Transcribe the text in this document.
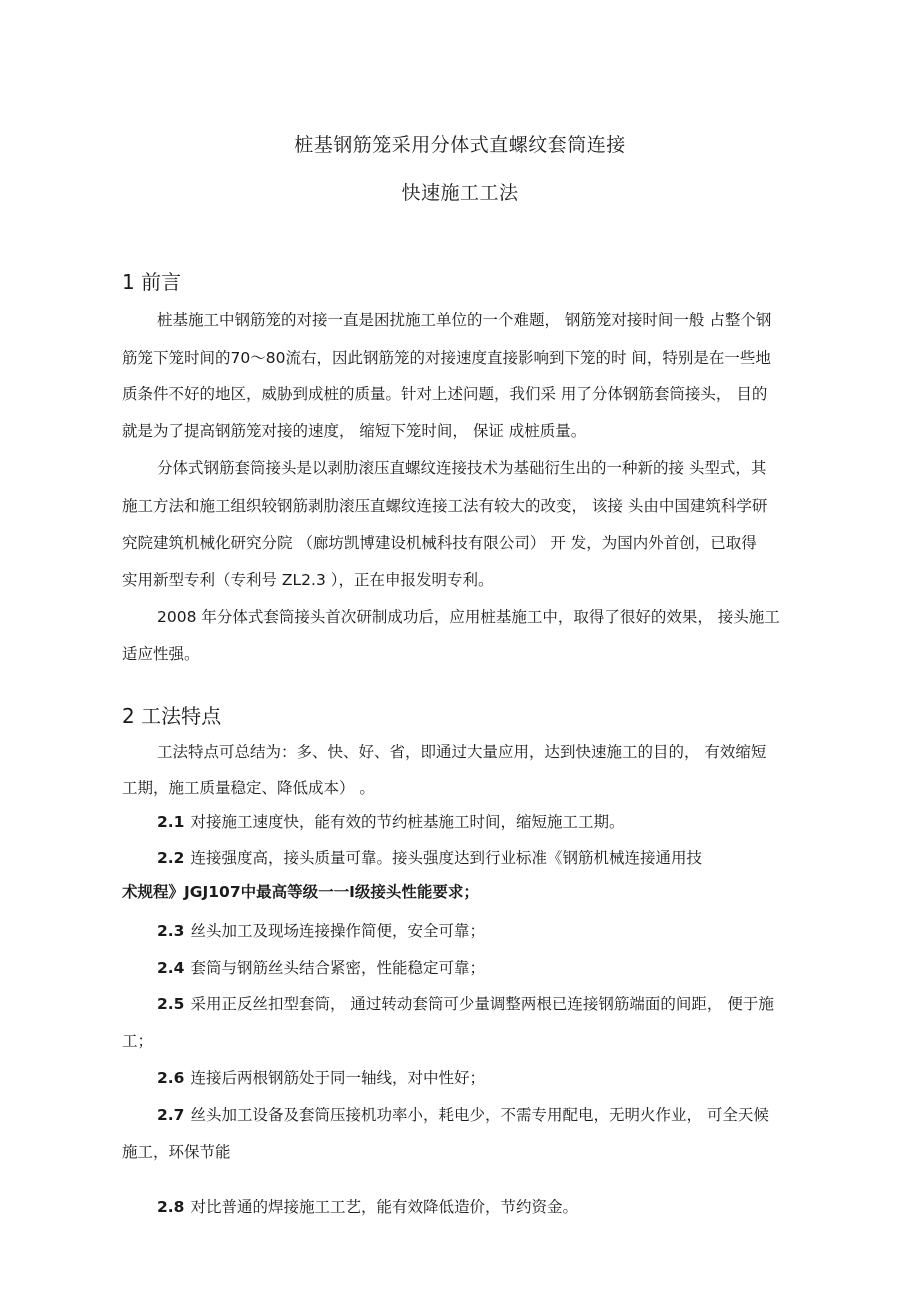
桩基钢筋笼采用分体式直螺纹套筒连接
快速施工工法
1 前言
桩基施工中钢筋笼的对接一直是困扰施工单位的一个难题， 钢筋笼对接时间一般 占整个钢
筋笼下笼时间的70～80流右，因此钢筋笼的对接速度直接影响到下笼的时 间，特别是在一些地
质条件不好的地区，威胁到成桩的质量。针对上述问题，我们采 用了分体钢筋套筒接头， 目的
就是为了提高钢筋笼对接的速度， 缩短下笼时间， 保证 成桩质量。
分体式钢筋套筒接头是以剥肋滚压直螺纹连接技术为基础衍生出的一种新的接 头型式，其
施工方法和施工组织较钢筋剥肋滚压直螺纹连接工法有较大的改变， 该接 头由中国建筑科学研
究院建筑机械化研究分院 （廊坊凯博建设机械科技有限公司） 开 发，为国内外首创，已取得
实用新型专利（专利号 ZL2.3 ），正在申报发明专利。
2008 年分体式套筒接头首次研制成功后，应用桩基施工中，取得了很好的效果， 接头施工
适应性强。
2 工法特点
工法特点可总结为：多、快、好、省，即通过大量应用，达到快速施工的目的， 有效缩短
工期，施工质量稳定、降低成本） 。
2.1 对接施工速度快，能有效的节约桩基施工时间，缩短施工工期。
2.2 连接强度高，接头质量可靠。接头强度达到行业标准《钢筋机械连接通用技
术规程》JGJ107中最高等级一一Ⅰ级接头性能要求；
2.3 丝头加工及现场连接操作简便，安全可靠；
2.4 套筒与钢筋丝头结合紧密，性能稳定可靠；
2.5 采用正反丝扣型套筒， 通过转动套筒可少量调整两根已连接钢筋端面的间距， 便于施
工；
2.6 连接后两根钢筋处于同一轴线，对中性好；
2.7 丝头加工设备及套筒压接机功率小，耗电少，不需专用配电，无明火作业， 可全天候
施工，环保节能
2.8 对比普通的焊接施工工艺，能有效降低造价，节约资金。
